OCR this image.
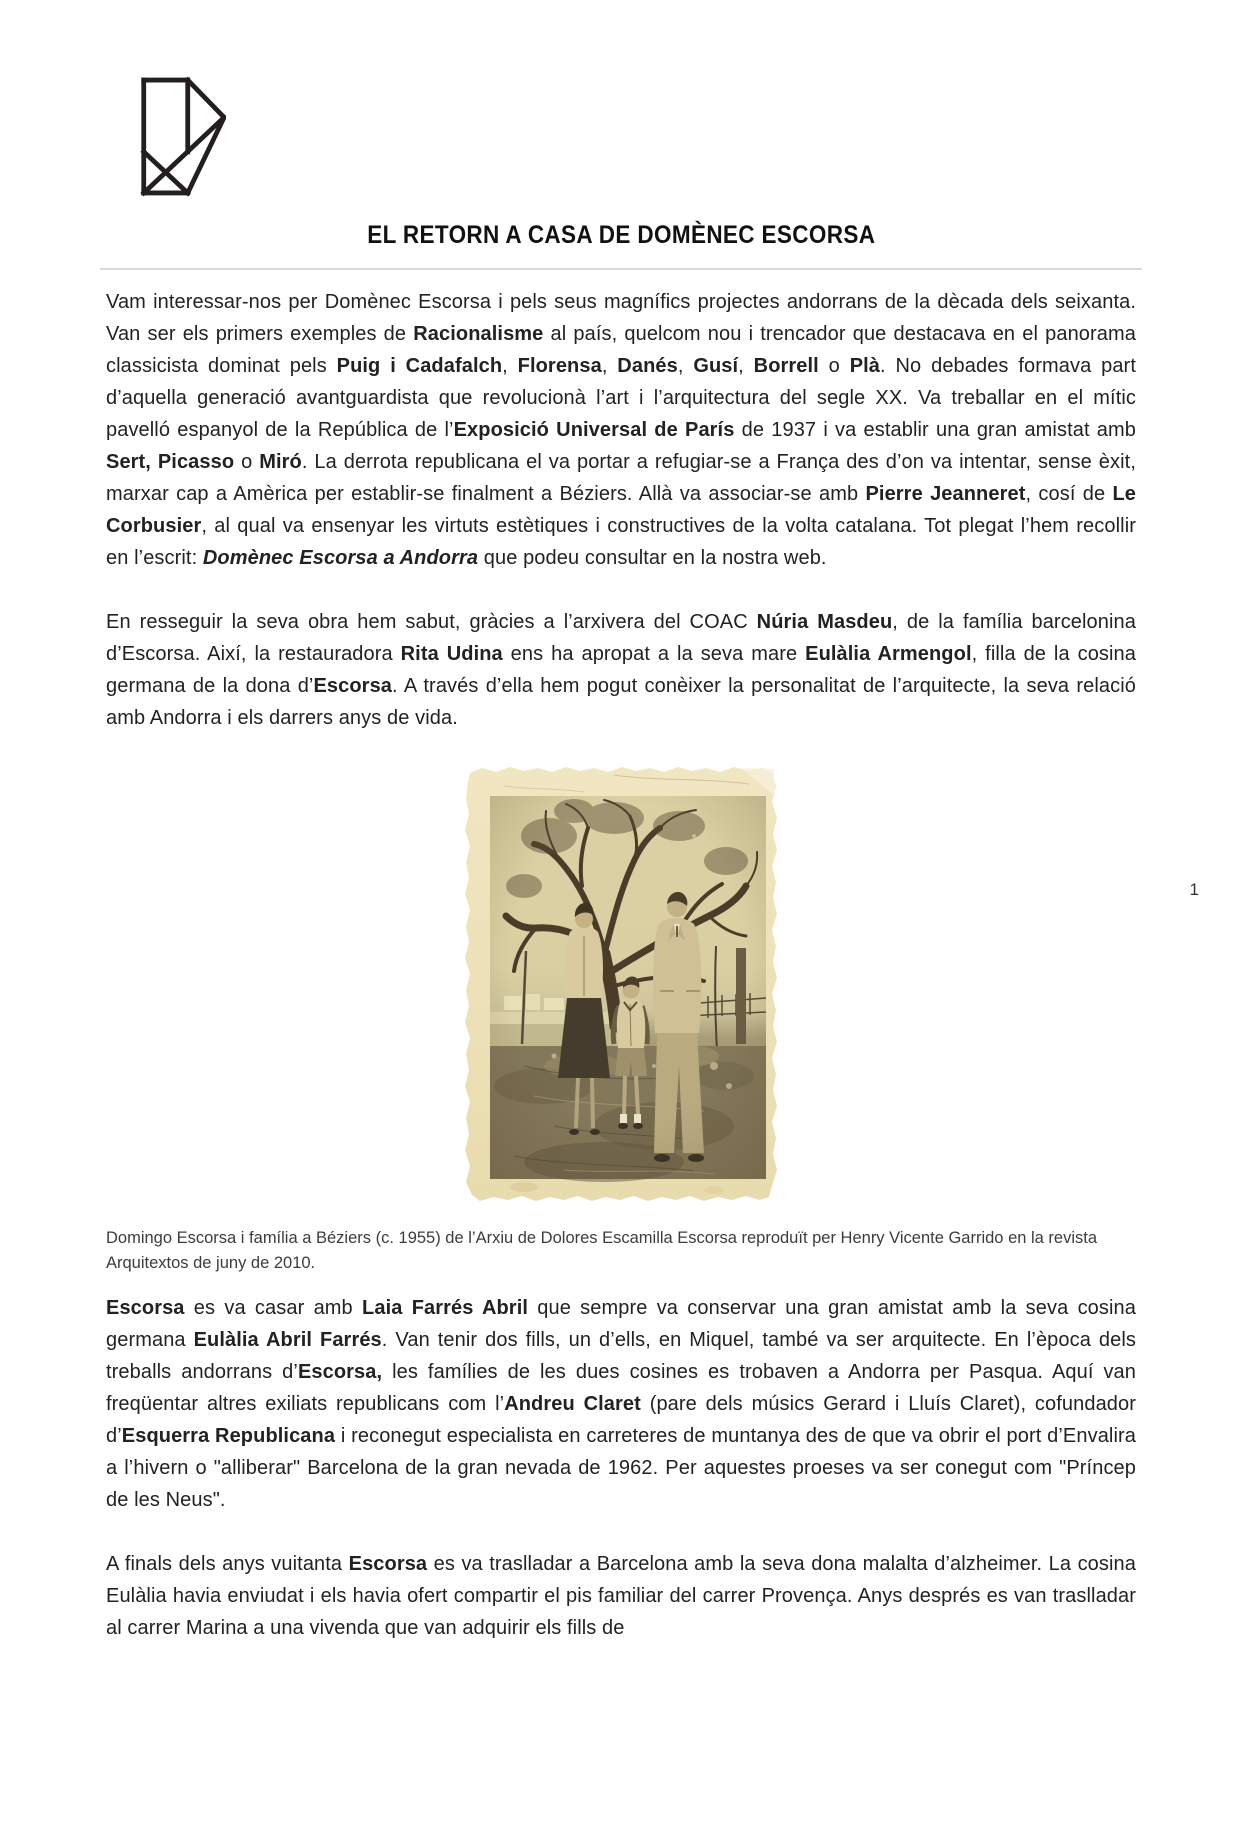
EL RETORN A CASA DE DOMÈNEC ESCORSA

Vam interessar-nos per Domènec Escorsa i pels seus magnífics projectes andorrans de la dècada dels seixanta. Van ser els primers exemples de Racionalisme al país, quelcom nou i trencador que destacava en el panorama classicista dominat pels Puig i Cadafalch, Florensa, Danés, Gusí, Borrell o Plà. No debades formava part d’aquella generació avantguardista que revolucionà l’art i l’arquitectura del segle XX. Va treballar en el mític pavelló espanyol de la República de l’Exposició Universal de París de 1937 i va establir una gran amistat amb Sert, Picasso o Miró. La derrota republicana el va portar a refugiar-se a França des d’on va intentar, sense èxit, marxar cap a Amèrica per establir-se finalment a Béziers. Allà va associar-se amb Pierre Jeanneret, cosí de Le Corbusier, al qual va ensenyar les virtuts estètiques i constructives de la volta catalana. Tot plegat l’hem recollir en l’escrit: Domènec Escorsa a Andorra que podeu consultar en la nostra web.

En resseguir la seva obra hem sabut, gràcies a l’arxivera del COAC Núria Masdeu, de la família barcelonina d’Escorsa. Així, la restauradora Rita Udina ens ha apropat a la seva mare Eulàlia Armengol, filla de la cosina germana de la dona d’Escorsa. A través d’ella hem pogut conèixer la personalitat de l’arquitecte, la seva relació amb Andorra i els darrers anys de vida.

Domingo Escorsa i família a Béziers (c. 1955) de l’Arxiu de Dolores Escamilla Escorsa reproduït per Henry Vicente Garrido en la revista Arquitextos de juny de 2010.

Escorsa es va casar amb Laia Farrés Abril que sempre va conservar una gran amistat amb la seva cosina germana Eulàlia Abril Farrés. Van tenir dos fills, un d’ells, en Miquel, també va ser arquitecte. En l’època dels treballs andorrans d’Escorsa, les famílies de les dues cosines es trobaven a Andorra per Pasqua. Aquí van freqüentar altres exiliats republicans com l’Andreu Claret (pare dels músics Gerard i Lluís Claret), cofundador d’Esquerra Republicana i reconegut especialista en carreteres de muntanya des de que va obrir el port d’Envalira a l’hivern o "alliberar" Barcelona de la gran nevada de 1962. Per aquestes proeses va ser conegut com "Príncep de les Neus".

A finals dels anys vuitanta Escorsa es va traslladar a Barcelona amb la seva dona malalta d’alzheimer. La cosina Eulàlia havia enviudat i els havia ofert compartir el pis familiar del carrer Provença. Anys després es van traslladar al carrer Marina a una vivenda que van adquirir els fills de

1
